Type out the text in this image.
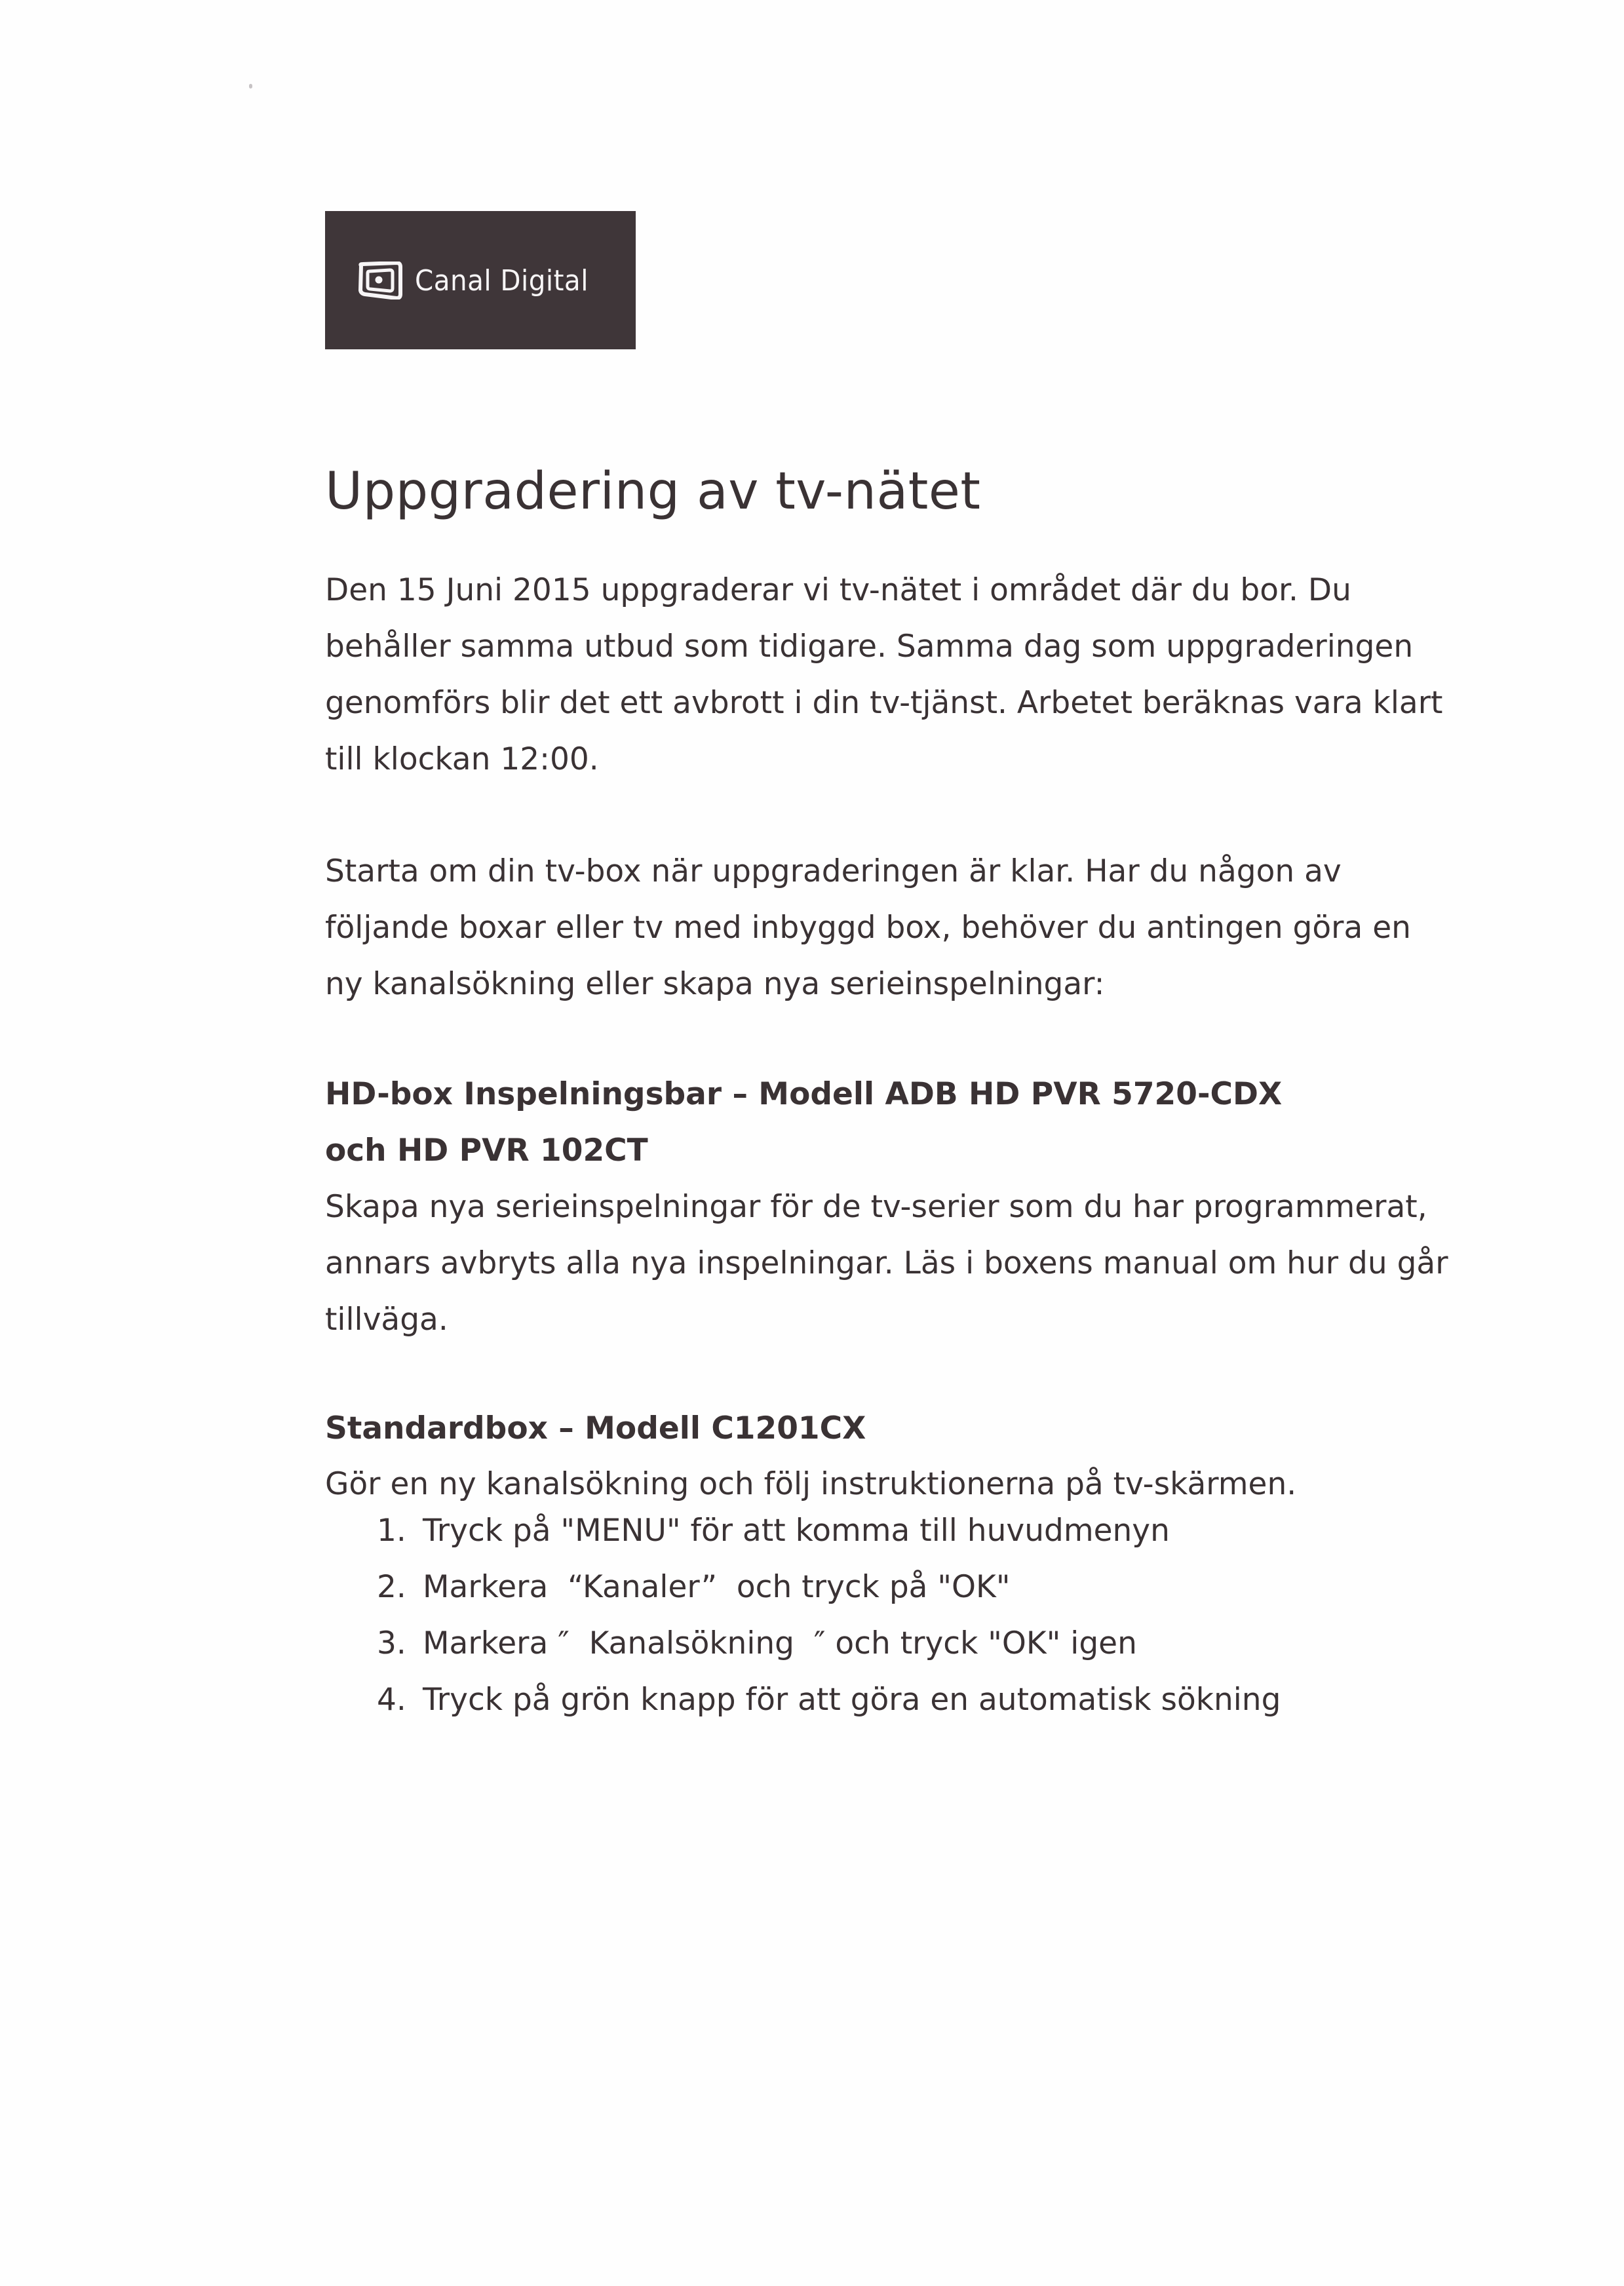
Canal Digital
Uppgradering av tv-nätet

Den 15 Juni 2015 uppgraderar vi tv-nätet i området där du bor. Du
behåller samma utbud som tidigare. Samma dag som uppgraderingen
genomförs blir det ett avbrott i din tv-tjänst. Arbetet beräknas vara klart
till klockan 12:00.

Starta om din tv-box när uppgraderingen är klar. Har du någon av
följande boxar eller tv med inbyggd box, behöver du antingen göra en
ny kanalsökning eller skapa nya serieinspelningar:

HD-box Inspelningsbar – Modell ADB HD PVR 5720-CDX
och HD PVR 102CT

Skapa nya serieinspelningar för de tv-serier som du har programmerat,
annars avbryts alla nya inspelningar. Läs i boxens manual om hur du går
tillväga.

Standardbox – Modell C1201CX

Gör en ny kanalsökning och följ instruktionerna på tv-skärmen.

1. Tryck på "MENU" för att komma till huvudmenyn
2. Markera  “Kanaler”  och tryck på "OK"
3. Markera ″  Kanalsökning  ″ och tryck "OK" igen
4. Tryck på grön knapp för att göra en automatisk sökning
